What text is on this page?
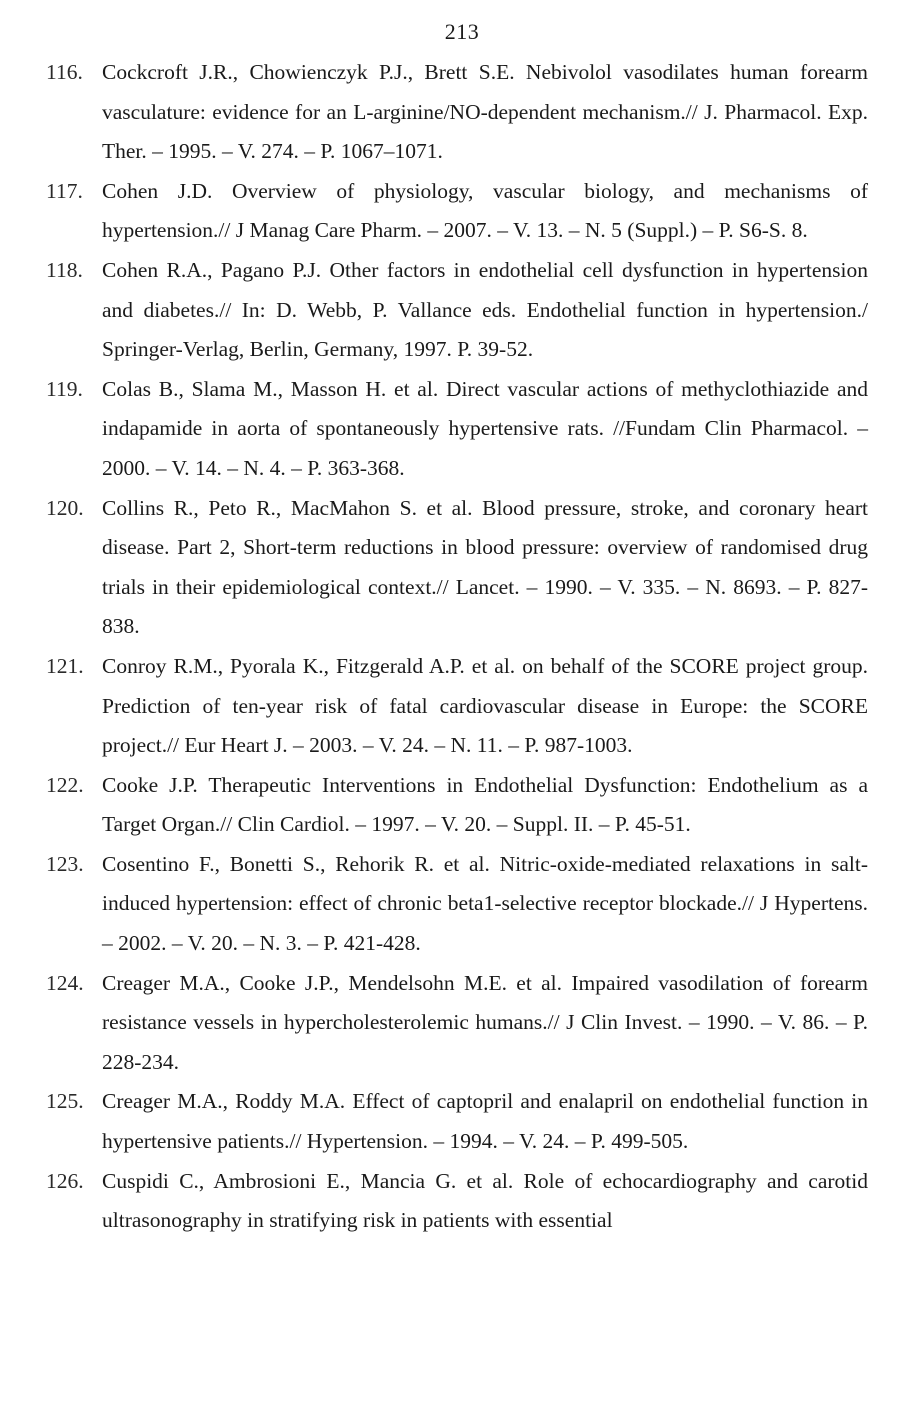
213
116. Cockcroft J.R., Chowienczyk P.J., Brett S.E. Nebivolol vasodilates human forearm vasculature: evidence for an L-arginine/NO-dependent mechanism.// J. Pharmacol. Exp. Ther. – 1995. – V. 274. – P. 1067–1071.
117. Cohen J.D. Overview of physiology, vascular biology, and mechanisms of hypertension.// J Manag Care Pharm. – 2007. – V. 13. – N. 5 (Suppl.) – P. S6-S. 8.
118. Cohen R.A., Pagano P.J. Other factors in endothelial cell dysfunction in hypertension and diabetes.// In: D. Webb, P. Vallance eds. Endothelial function in hypertension./ Springer-Verlag, Berlin, Germany, 1997. P. 39-52.
119. Colas B., Slama M., Masson H. et al. Direct vascular actions of methyclothiazide and indapamide in aorta of spontaneously hypertensive rats. //Fundam Clin Pharmacol. – 2000. – V. 14. – N. 4. – P. 363-368.
120. Collins R., Peto R., MacMahon S. et al. Blood pressure, stroke, and coronary heart disease. Part 2, Short-term reductions in blood pressure: overview of randomised drug trials in their epidemiological context.// Lancet. – 1990. – V. 335. – N. 8693. – P. 827-838.
121. Conroy R.M., Pyorala K., Fitzgerald A.P. et al. on behalf of the SCORE project group. Prediction of ten-year risk of fatal cardiovascular disease in Europe: the SCORE project.// Eur Heart J. – 2003. – V. 24. – N. 11. – P. 987-1003.
122. Cooke J.P. Therapeutic Interventions in Endothelial Dysfunction: Endothelium as a Target Organ.// Clin Cardiol. – 1997. – V. 20. – Suppl. II. – P. 45-51.
123. Cosentino F., Bonetti S., Rehorik R. et al. Nitric-oxide-mediated relaxations in salt-induced hypertension: effect of chronic beta1-selective receptor blockade.// J Hypertens. – 2002. – V. 20. – N. 3. – P. 421-428.
124. Creager M.A., Cooke J.P., Mendelsohn M.E. et al. Impaired vasodilation of forearm resistance vessels in hypercholesterolemic humans.// J Clin Invest. – 1990. – V. 86. – P. 228-234.
125. Creager M.A., Roddy M.A. Effect of captopril and enalapril on endothelial function in hypertensive patients.// Hypertension. – 1994. – V. 24. – P. 499-505.
126. Cuspidi C., Ambrosioni E., Mancia G. et al. Role of echocardiography and carotid ultrasonography in stratifying risk in patients with essential
